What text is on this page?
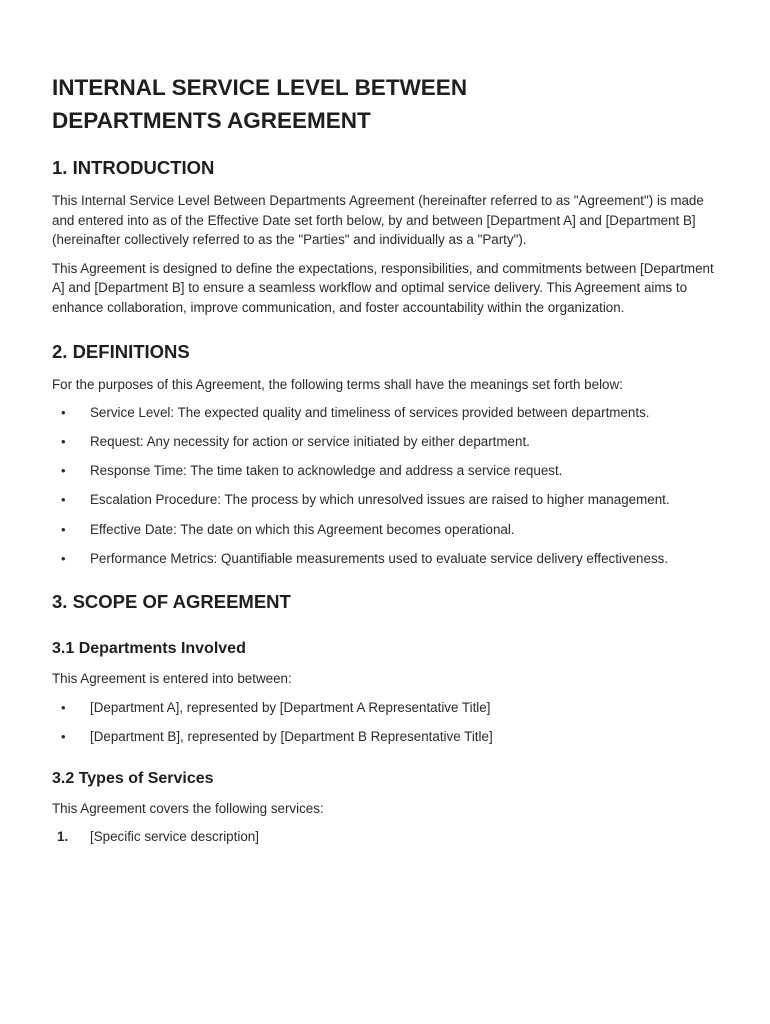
INTERNAL SERVICE LEVEL BETWEEN DEPARTMENTS AGREEMENT
1. INTRODUCTION

This Internal Service Level Between Departments Agreement (hereinafter referred to as "Agreement") is made and entered into as of the Effective Date set forth below, by and between [Department A] and [Department B] (hereinafter collectively referred to as the "Parties" and individually as a "Party").

This Agreement is designed to define the expectations, responsibilities, and commitments between [Department A] and [Department B] to ensure a seamless workflow and optimal service delivery. This Agreement aims to enhance collaboration, improve communication, and foster accountability within the organization.

2. DEFINITIONS

For the purposes of this Agreement, the following terms shall have the meanings set forth below:

• Service Level: The expected quality and timeliness of services provided between departments.
• Request: Any necessity for action or service initiated by either department.
• Response Time: The time taken to acknowledge and address a service request.
• Escalation Procedure: The process by which unresolved issues are raised to higher management.
• Effective Date: The date on which this Agreement becomes operational.
• Performance Metrics: Quantifiable measurements used to evaluate service delivery effectiveness.
3. SCOPE OF AGREEMENT
3.1 Departments Involved

This Agreement is entered into between:

• [Department A], represented by [Department A Representative Title]
• [Department B], represented by [Department B Representative Title]
3.2 Types of Services

This Agreement covers the following services:

1. [Specific service description]
